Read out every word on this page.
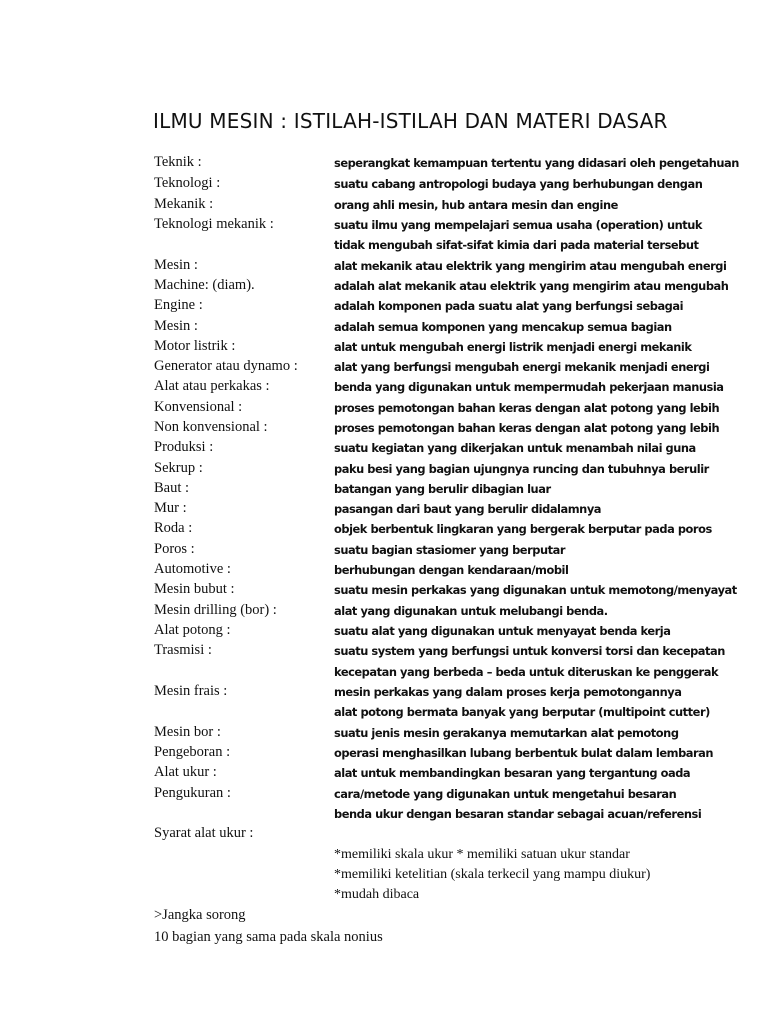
ILMU MESIN : ISTILAH-ISTILAH DAN MATERI DASAR
Teknik :	seperangkat kemampuan tertentu yang didasari oleh pengetahuan
Teknologi :	suatu cabang antropologi budaya yang berhubungan dengan
Mekanik :	orang ahli mesin, hub antara mesin dan engine
Teknologi mekanik :	suatu ilmu yang mempelajari semua usaha (operation) untuk
tidak mengubah sifat-sifat kimia dari pada material tersebut
Mesin :	alat mekanik atau elektrik yang mengirim atau mengubah energi
Machine: (diam).	adalah alat mekanik atau elektrik yang mengirim atau mengubah
Engine :	adalah komponen pada suatu alat yang berfungsi sebagai
Mesin :	adalah semua komponen yang mencakup semua bagian
Motor listrik :	alat untuk mengubah energi listrik menjadi energi mekanik
Generator atau dynamo :	alat yang berfungsi mengubah energi mekanik menjadi energi
Alat atau perkakas :	benda yang digunakan untuk mempermudah pekerjaan manusia
Konvensional :	proses pemotongan bahan keras dengan alat potong yang lebih
Non konvensional :	proses pemotongan bahan keras dengan alat potong yang lebih
Produksi :	suatu kegiatan yang dikerjakan untuk menambah nilai guna
Sekrup :	paku besi yang bagian ujungnya runcing dan tubuhnya berulir
Baut :	batangan yang berulir dibagian luar
Mur :	pasangan dari baut yang berulir didalamnya
Roda :	objek berbentuk lingkaran yang bergerak berputar pada poros
Poros :	suatu bagian stasiomer yang berputar
Automotive :	berhubungan dengan kendaraan/mobil
Mesin bubut :	suatu mesin perkakas yang digunakan untuk memotong/menyayat
Mesin drilling (bor) :	alat yang digunakan untuk melubangi benda.
Alat potong :	suatu alat yang digunakan untuk menyayat benda kerja
Trasmisi :	suatu system yang berfungsi untuk konversi torsi dan kecepatan
kecepatan yang berbeda – beda untuk diteruskan ke penggerak
Mesin frais :	mesin perkakas yang dalam proses kerja pemotongannya
alat potong bermata banyak yang berputar (multipoint cutter)
Mesin bor :	suatu jenis mesin gerakanya memutarkan alat pemotong
Pengeboran :	operasi menghasilkan lubang berbentuk bulat dalam lembaran
Alat ukur :	alat untuk membandingkan besaran yang tergantung oada
Pengukuran :	cara/metode yang digunakan untuk mengetahui besaran
benda ukur dengan besaran standar sebagai acuan/referensi
Syarat alat ukur :
*memiliki skala ukur * memiliki satuan ukur standar
*memiliki ketelitian (skala terkecil yang mampu diukur)
*mudah dibaca
>Jangka sorong
10 bagian yang sama pada skala nonius
